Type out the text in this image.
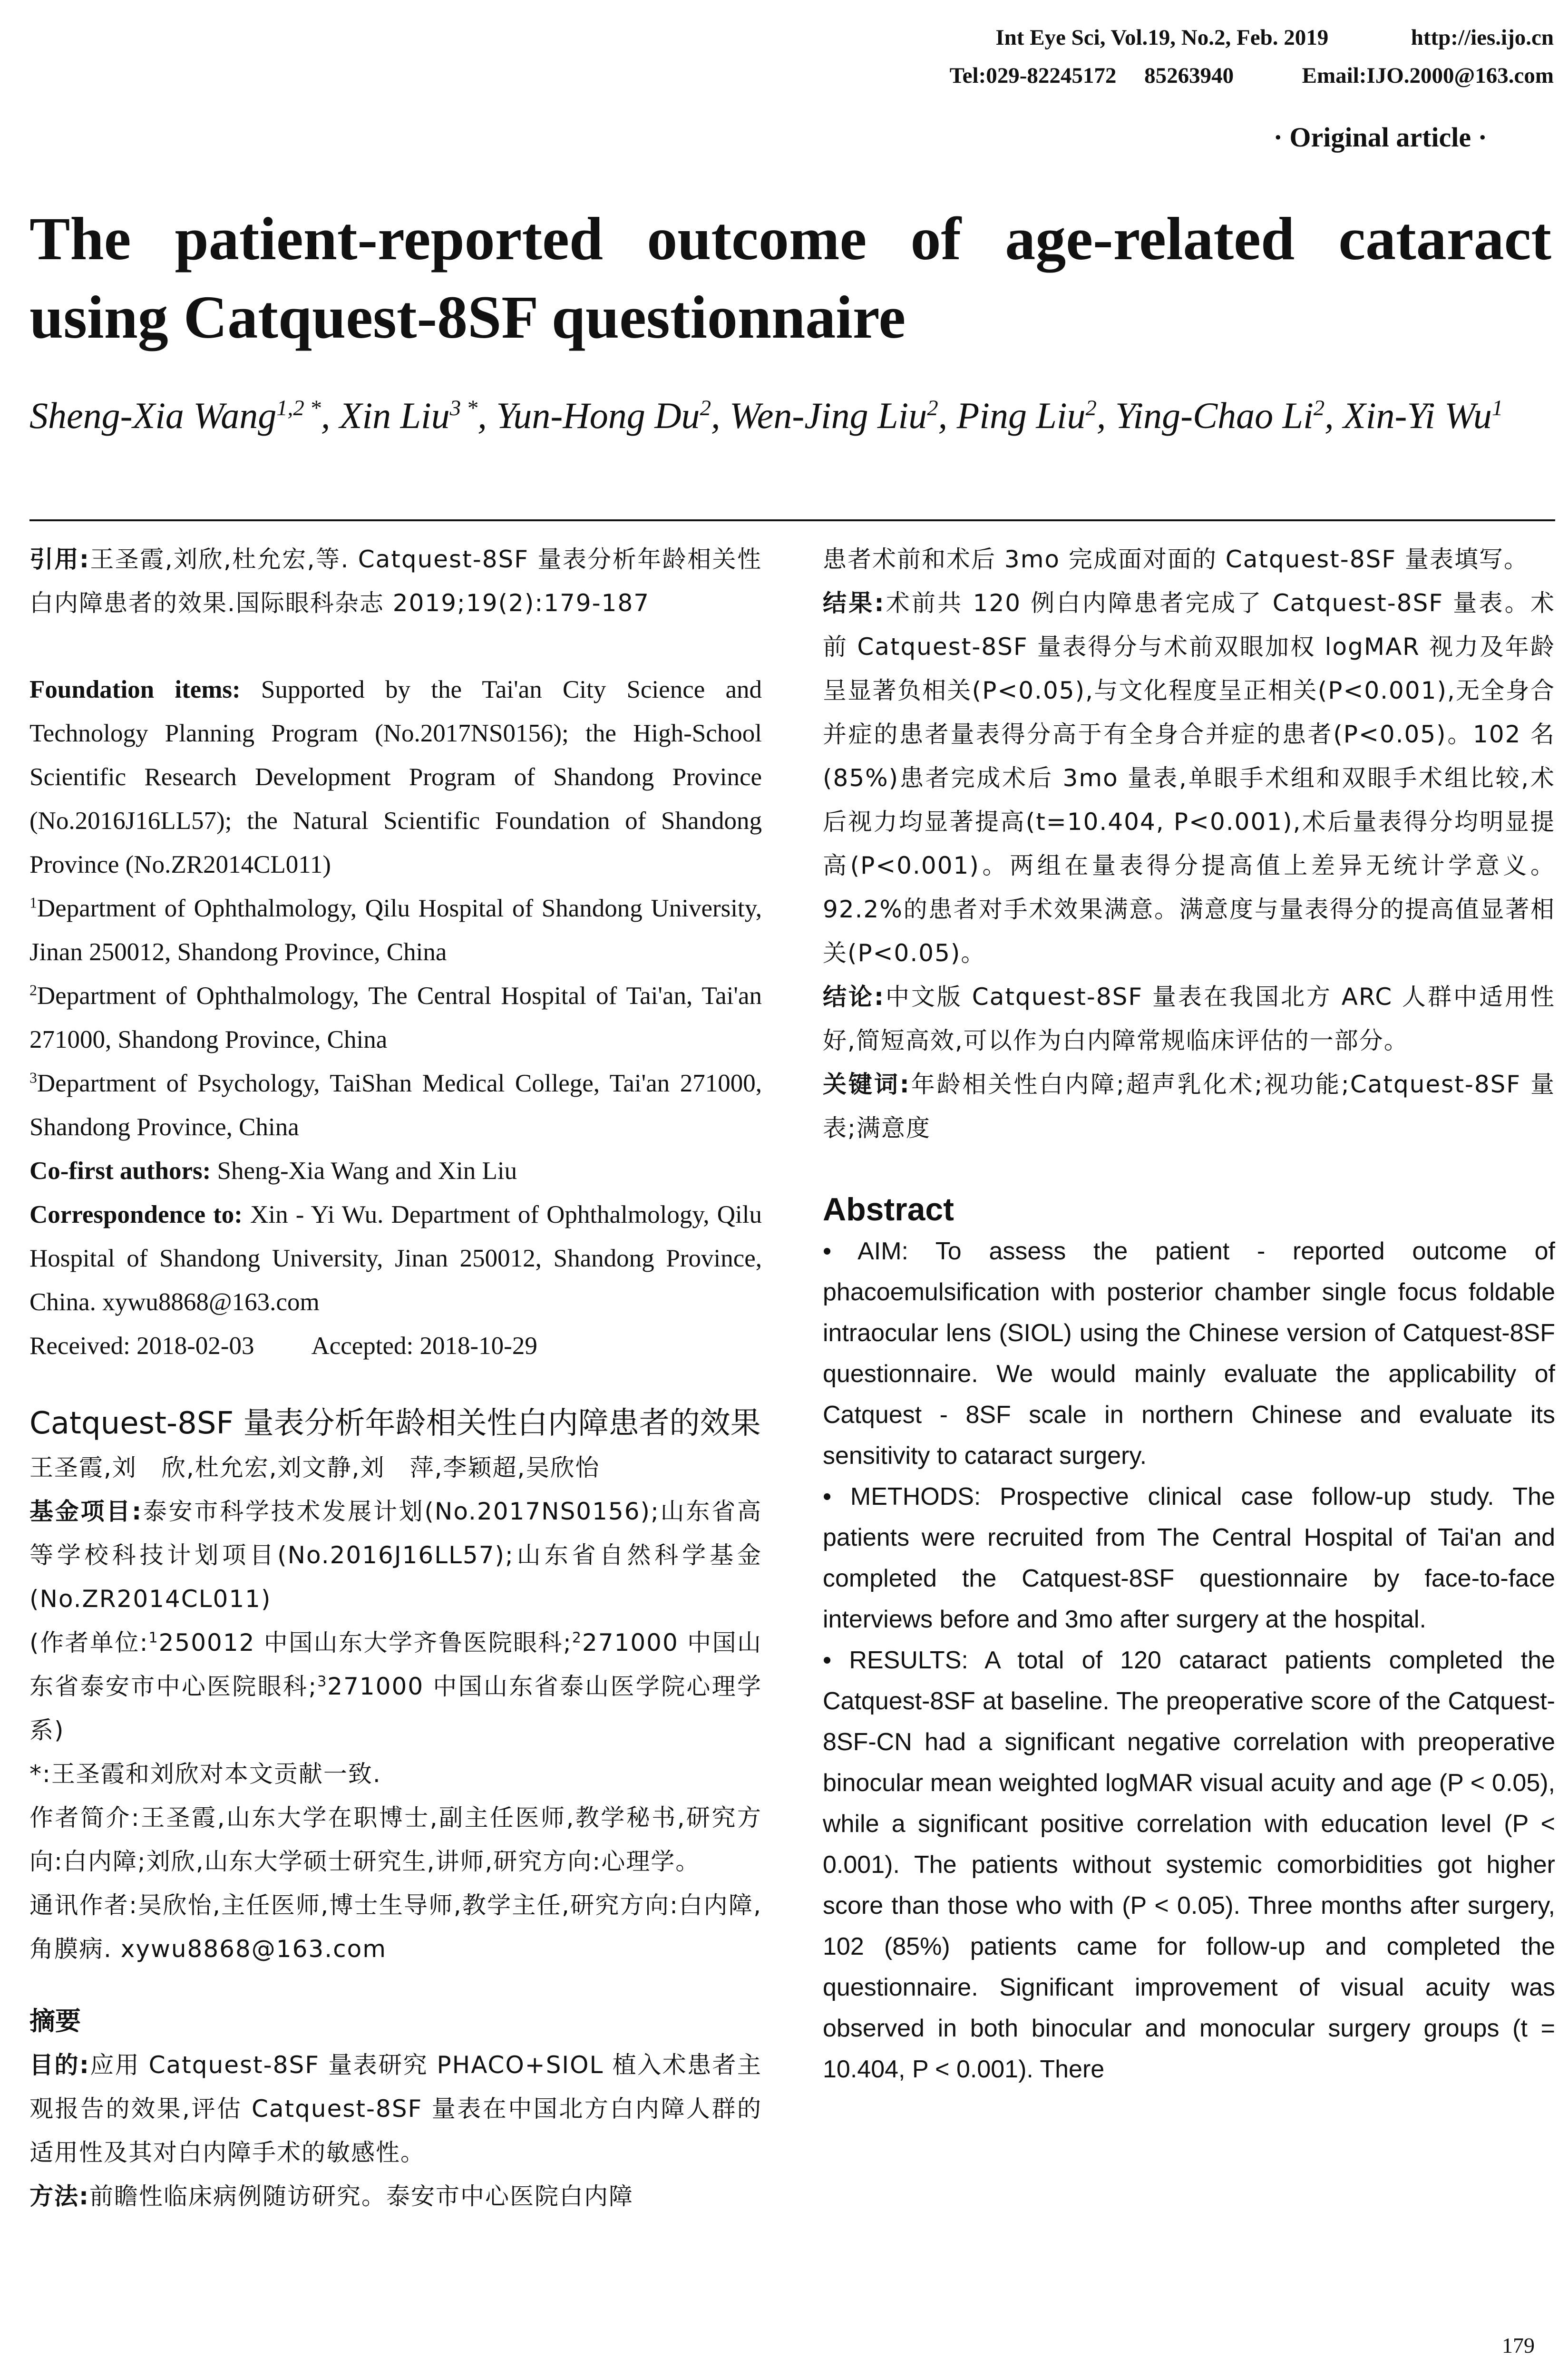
Int Eye Sci, Vol.19, No.2, Feb. 2019	http://ies.ijo.cn
Tel:029-82245172     85263940	Email:IJO.2000@163.com
· Original article ·
The patient-reported outcome of age-related cataract
using Catquest-8SF questionnaire
Sheng-Xia Wang$^{1,2 *}$, Xin Liu$^{3 *}$, Yun-Hong Du$^2$, Wen-Jing Liu$^2$, Ping Liu$^2$, Ying-Chao Li$^2$, Xin-Yi Wu$^1$

引用:王圣霞,刘欣,杜允宏,等. Catquest-8SF 量表分析年龄相关性白内障患者的效果.国际眼科杂志 2019;19(2):179-187

Foundation items: Supported by the Tai'an City Science and Technology Planning Program (No.2017NS0156); the High-School Scientific Research Development Program of Shandong Province (No.2016J16LL57); the Natural Scientific Foundation of Shandong Province (No.ZR2014CL011)

$^1$Department of Ophthalmology, Qilu Hospital of Shandong University, Jinan 250012, Shandong Province, China

$^2$Department of Ophthalmology, The Central Hospital of Tai'an, Tai'an 271000, Shandong Province, China

$^3$Department of Psychology, TaiShan Medical College, Tai'an 271000, Shandong Province, China

Co-first authors: Sheng-Xia Wang and Xin Liu

Correspondence to: Xin - Yi Wu. Department of Ophthalmology, Qilu Hospital of Shandong University, Jinan 250012, Shandong Province, China. xywu8868@163.com

Received: 2018-02-03 Accepted: 2018-10-29

Catquest-8SF 量表分析年龄相关性白内障患者的效果

王圣霞,刘　欣,杜允宏,刘文静,刘　萍,李颖超,吴欣怡

基金项目:泰安市科学技术发展计划(No.2017NS0156);山东省高等学校科技计划项目(No.2016J16LL57);山东省自然科学基金(No.ZR2014CL011)

(作者单位:$^1$250012 中国山东大学齐鲁医院眼科;$^2$271000 中国山东省泰安市中心医院眼科;$^3$271000 中国山东省泰山医学院心理学系)

*:王圣霞和刘欣对本文贡献一致.

作者简介:王圣霞,山东大学在职博士,副主任医师,教学秘书,研究方向:白内障;刘欣,山东大学硕士研究生,讲师,研究方向:心理学。

通讯作者:吴欣怡,主任医师,博士生导师,教学主任,研究方向:白内障,角膜病. xywu8868@163.com

摘要

目的:应用 Catquest-8SF 量表研究 PHACO+SIOL 植入术患者主观报告的效果,评估 Catquest-8SF 量表在中国北方白内障人群的适用性及其对白内障手术的敏感性。

方法:前瞻性临床病例随访研究。泰安市中心医院白内障

患者术前和术后 3mo 完成面对面的 Catquest-8SF 量表填写。

结果:术前共 120 例白内障患者完成了 Catquest-8SF 量表。术前 Catquest-8SF 量表得分与术前双眼加权 logMAR 视力及年龄呈显著负相关(P<0.05),与文化程度呈正相关(P<0.001),无全身合并症的患者量表得分高于有全身合并症的患者(P<0.05)。102 名(85%)患者完成术后 3mo 量表,单眼手术组和双眼手术组比较,术后视力均显著提高(t=10.404, P<0.001),术后量表得分均明显提高(P<0.001)。两组在量表得分提高值上差异无统计学意义。92.2%的患者对手术效果满意。满意度与量表得分的提高值显著相关(P<0.05)。

结论:中文版 Catquest-8SF 量表在我国北方 ARC 人群中适用性好,简短高效,可以作为白内障常规临床评估的一部分。

关键词:年龄相关性白内障;超声乳化术;视功能;Catquest-8SF 量表;满意度

Abstract

• AIM: To assess the patient - reported outcome of phacoemulsification with posterior chamber single focus foldable intraocular lens (SIOL) using the Chinese version of Catquest-8SF questionnaire. We would mainly evaluate the applicability of Catquest - 8SF scale in northern Chinese and evaluate its sensitivity to cataract surgery.

• METHODS: Prospective clinical case follow-up study. The patients were recruited from The Central Hospital of Tai'an and completed the Catquest-8SF questionnaire by face-to-face interviews before and 3mo after surgery at the hospital.

• RESULTS: A total of 120 cataract patients completed the Catquest-8SF at baseline. The preoperative score of the Catquest-8SF-CN had a significant negative correlation with preoperative binocular mean weighted logMAR visual acuity and age (P < 0.05), while a significant positive correlation with education level (P < 0.001). The patients without systemic comorbidities got higher score than those who with (P < 0.05). Three months after surgery, 102 (85%) patients came for follow-up and completed the questionnaire. Significant improvement of visual acuity was observed in both binocular and monocular surgery groups (t = 10.404, P < 0.001). There

179
